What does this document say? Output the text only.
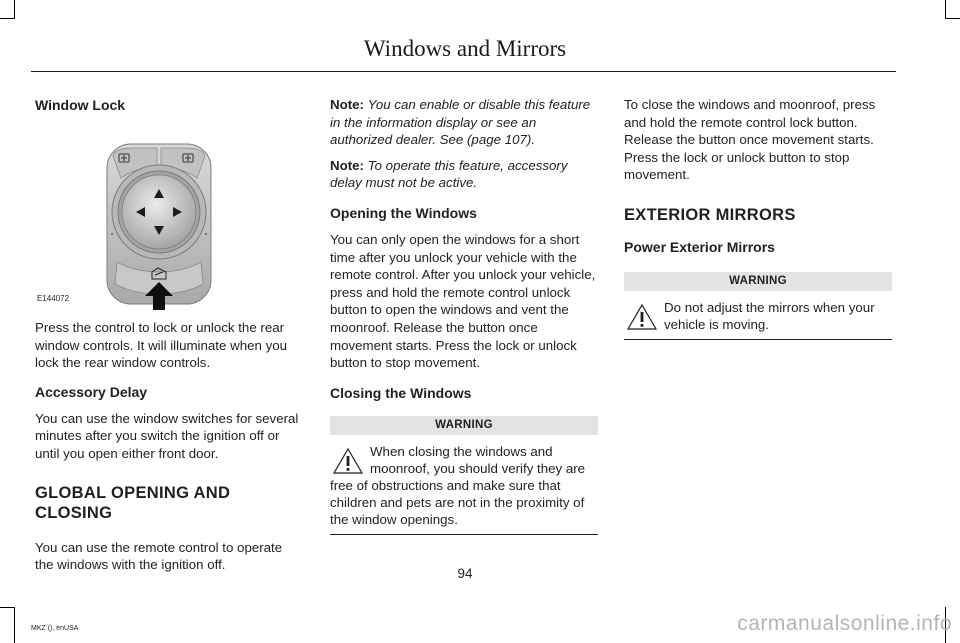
Windows and Mirrors
Window Lock
E144072

Press the control to lock or unlock the rear window controls. It will illuminate when you lock the rear window controls.

Accessory Delay

You can use the window switches for several minutes after you switch the ignition off or until you open either front door.

GLOBAL OPENING AND CLOSING

You can use the remote control to operate the windows with the ignition off.

Note: You can enable or disable this feature in the information display or see an authorized dealer. See (page 107).

Note: To operate this feature, accessory delay must not be active.

Opening the Windows

You can only open the windows for a short time after you unlock your vehicle with the remote control. After you unlock your vehicle, press and hold the remote control unlock button to open the windows and vent the moonroof. Release the button once movement starts. Press the lock or unlock button to stop movement.

Closing the Windows
WARNING

When closing the windows and moonroof, you should verify they are free of obstructions and make sure that children and pets are not in the proximity of the window openings.

To close the windows and moonroof, press and hold the remote control lock button. Release the button once movement starts. Press the lock or unlock button to stop movement.

EXTERIOR MIRRORS
Power Exterior Mirrors
WARNING

Do not adjust the mirrors when your vehicle is moving.

94
MKZ (), enUSA	carmanualsonline.info
